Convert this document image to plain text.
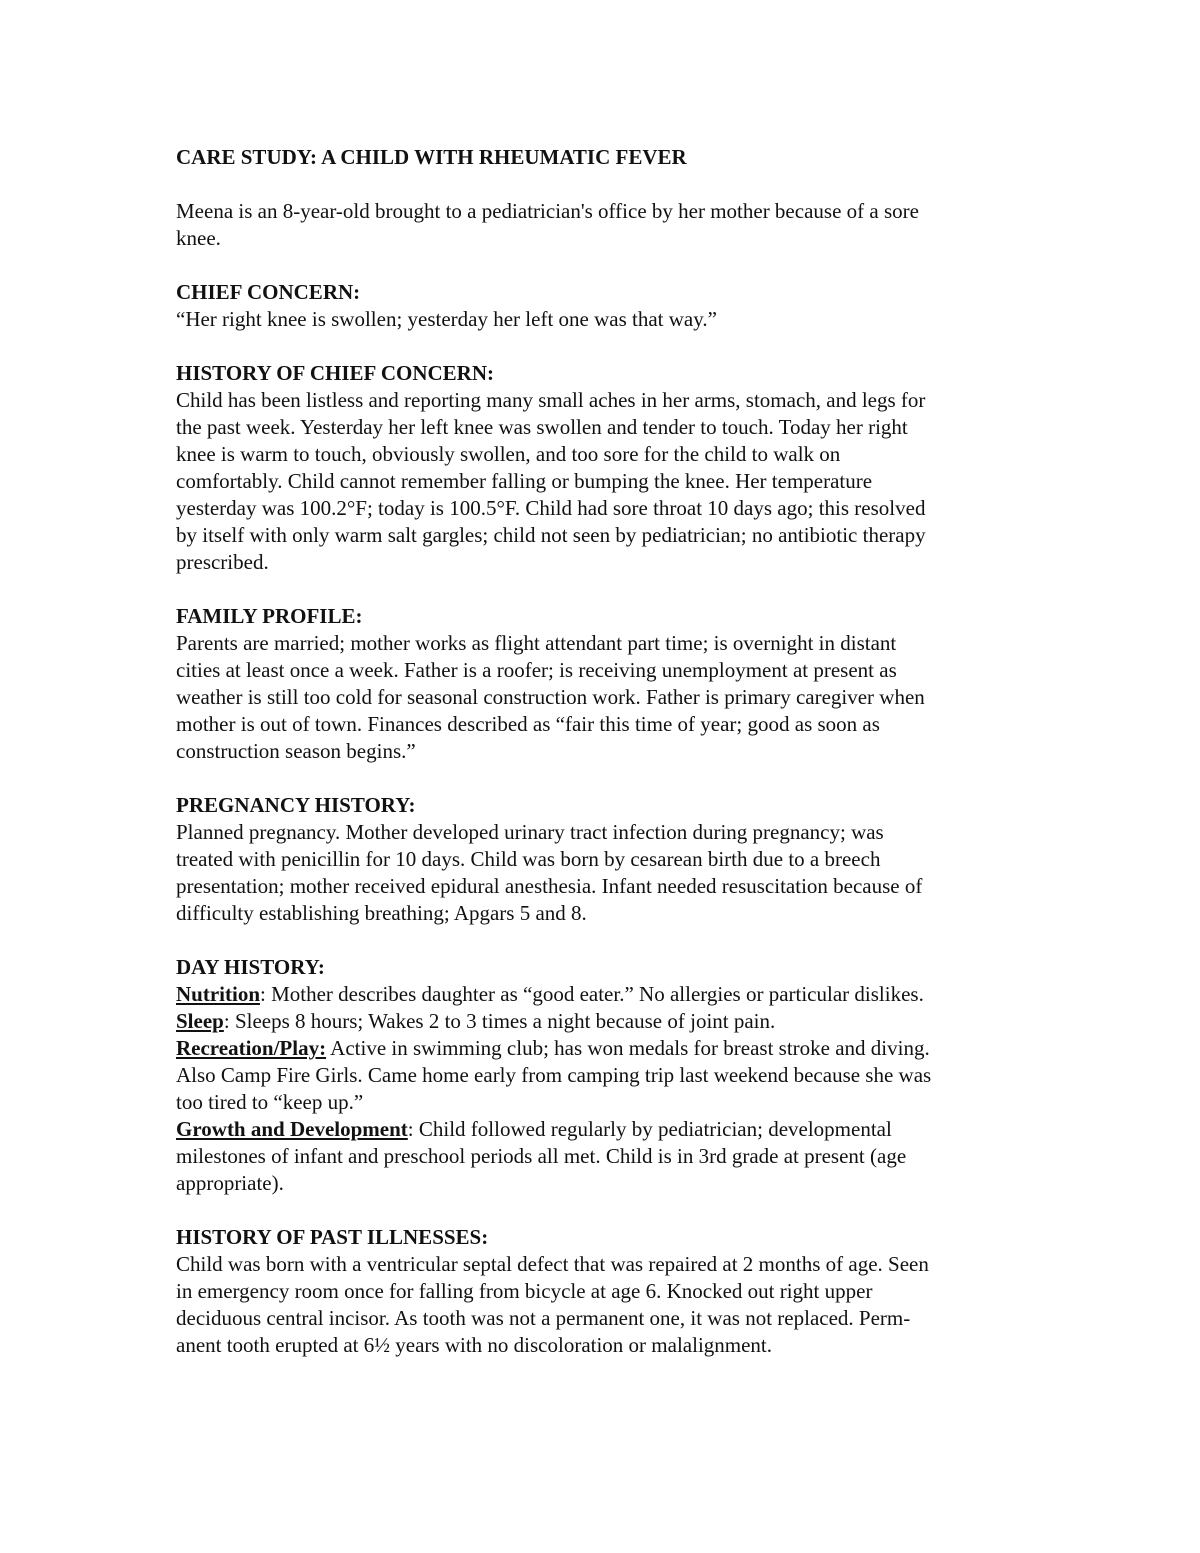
CARE STUDY: A CHILD WITH RHEUMATIC FEVER
Meena is an 8-year-old brought to a pediatrician's office by her mother because of a sore
knee.
CHIEF CONCERN:
“Her right knee is swollen; yesterday her left one was that way.”
HISTORY OF CHIEF CONCERN:
Child has been listless and reporting many small aches in her arms, stomach, and legs for
the past week. Yesterday her left knee was swollen and tender to touch. Today her right
knee is warm to touch, obviously swollen, and too sore for the child to walk on
comfortably. Child cannot remember falling or bumping the knee. Her temperature
yesterday was 100.2°F; today is 100.5°F. Child had sore throat 10 days ago; this resolved
by itself with only warm salt gargles; child not seen by pediatrician; no antibiotic therapy
prescribed.
FAMILY PROFILE:
Parents are married; mother works as flight attendant part time; is overnight in distant
cities at least once a week. Father is a roofer; is receiving unemployment at present as
weather is still too cold for seasonal construction work. Father is primary caregiver when
mother is out of town. Finances described as “fair this time of year; good as soon as
construction season begins.”
PREGNANCY HISTORY:
Planned pregnancy. Mother developed urinary tract infection during pregnancy; was
treated with penicillin for 10 days. Child was born by cesarean birth due to a breech
presentation; mother received epidural anesthesia. Infant needed resuscitation because of
difficulty establishing breathing; Apgars 5 and 8.
DAY HISTORY:
Nutrition: Mother describes daughter as “good eater.” No allergies or particular dislikes.
Sleep: Sleeps 8 hours; Wakes 2 to 3 times a night because of joint pain.
Recreation/Play: Active in swimming club; has won medals for breast stroke and diving.
Also Camp Fire Girls. Came home early from camping trip last weekend because she was
too tired to “keep up.”
Growth and Development: Child followed regularly by pediatrician; developmental
milestones of infant and preschool periods all met. Child is in 3rd grade at present (age
appropriate).
HISTORY OF PAST ILLNESSES:
Child was born with a ventricular septal defect that was repaired at 2 months of age. Seen
in emergency room once for falling from bicycle at age 6. Knocked out right upper
deciduous central incisor. As tooth was not a permanent one, it was not replaced. Perm-
anent tooth erupted at 6½ years with no discoloration or malalignment.
